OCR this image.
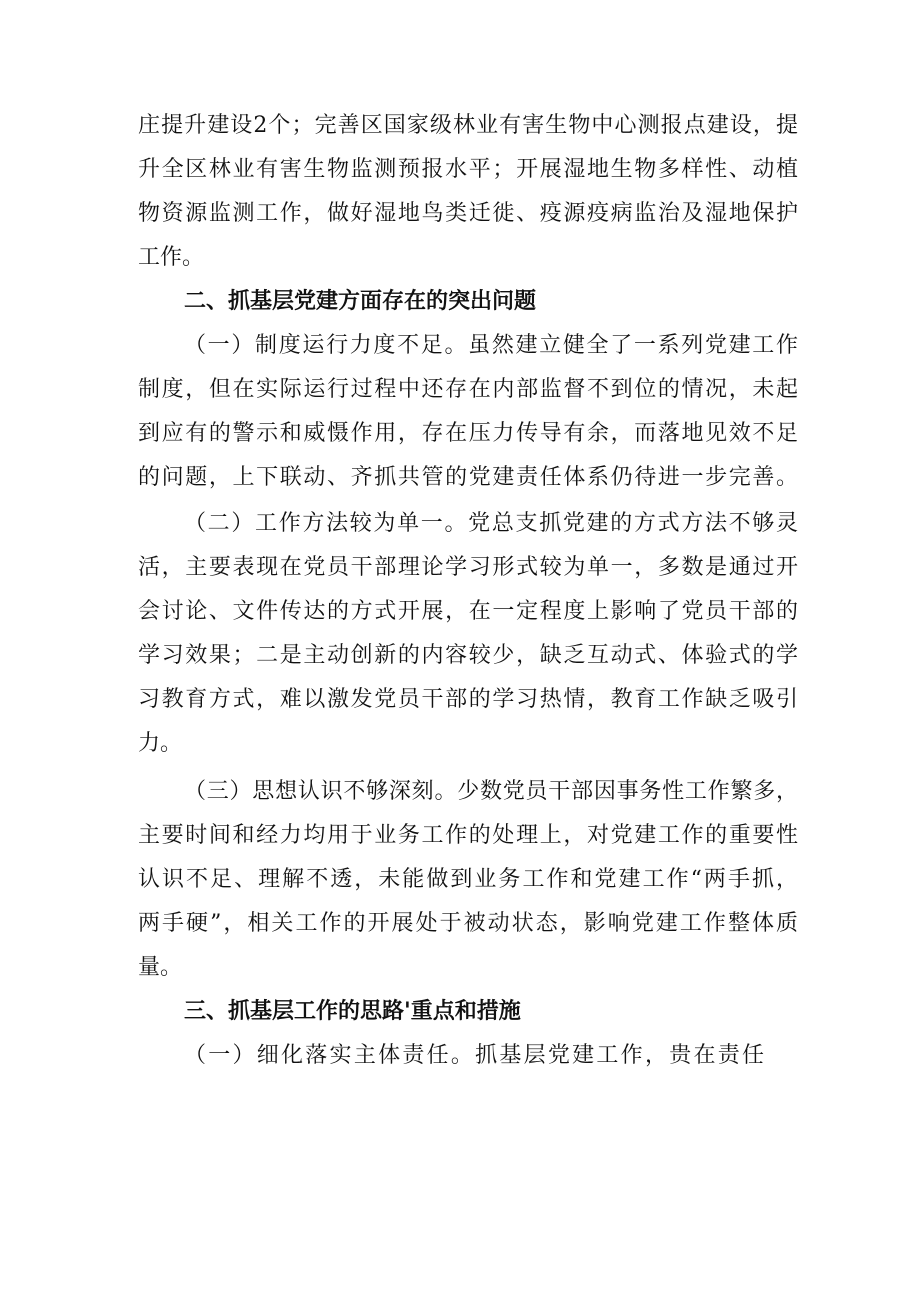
庄提升建设2个；完善区国家级林业有害生物中心测报点建设，提
升全区林业有害生物监测预报水平；开展湿地生物多样性、动植
物资源监测工作，做好湿地鸟类迁徙、疫源疫病监治及湿地保护
工作。
二、抓基层党建方面存在的突出问题
（一）制度运行力度不足。虽然建立健全了一系列党建工作
制度，但在实际运行过程中还存在内部监督不到位的情况，未起
到应有的警示和威慑作用，存在压力传导有余，而落地见效不足
的问题，上下联动、齐抓共管的党建责任体系仍待进一步完善。
（二）工作方法较为单一。党总支抓党建的方式方法不够灵
活，主要表现在党员干部理论学习形式较为单一，多数是通过开
会讨论、文件传达的方式开展，在一定程度上影响了党员干部的
学习效果；二是主动创新的内容较少，缺乏互动式、体验式的学
习教育方式，难以激发党员干部的学习热情，教育工作缺乏吸引
力。
（三）思想认识不够深刻。少数党员干部因事务性工作繁多，
主要时间和经力均用于业务工作的处理上，对党建工作的重要性
认识不足、理解不透，未能做到业务工作和党建工作“两手抓，
两手硬”，相关工作的开展处于被动状态，影响党建工作整体质
量。
三、抓基层工作的思路'重点和措施
（一）细化落实主体责任。抓基层党建工作，贵在责任
